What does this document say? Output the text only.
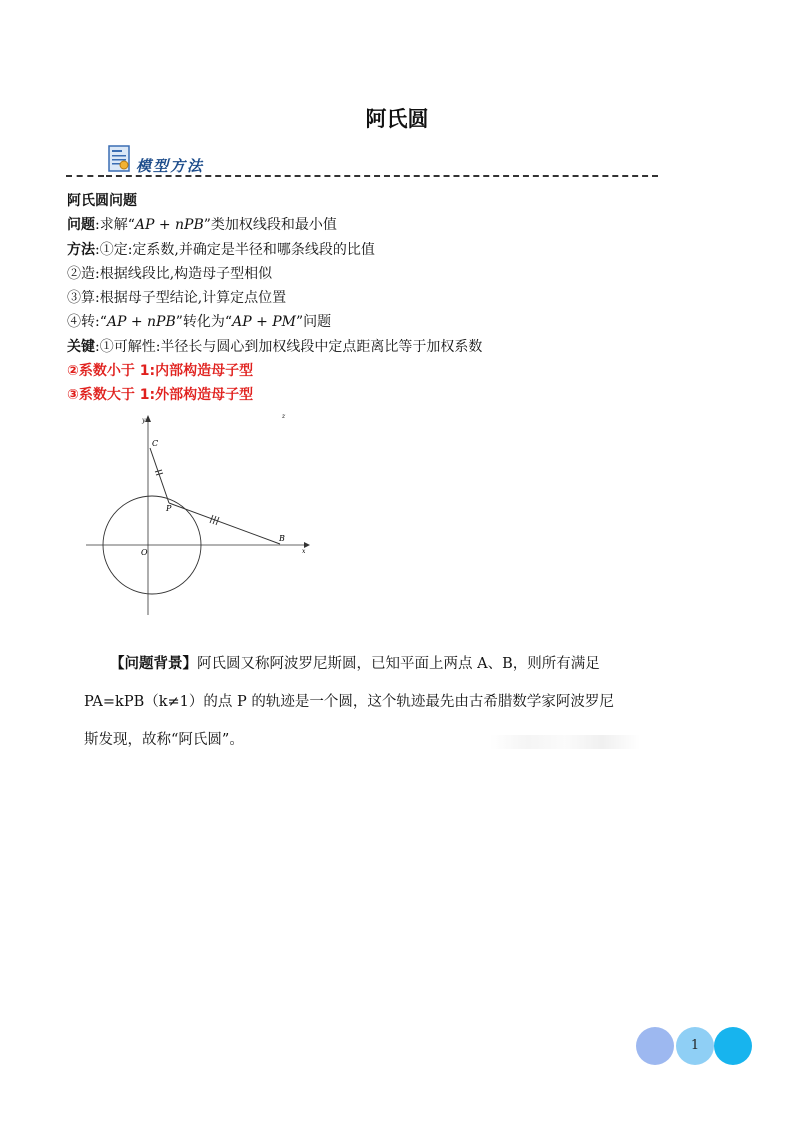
阿氏圆
模型方法
阿氏圆问题
问题:求解“AP + nPB”类加权线段和最小值
方法:①定:定系数,并确定是半径和哪条线段的比值
②造:根据线段比,构造母子型相似
③算:根据母子型结论,计算定点位置
④转:“AP + nPB”转化为“AP + PM”问题
关键:①可解性:半径长与圆心到加权线段中定点距离比等于加权系数
②系数小于 1:内部构造母子型
③系数大于 1:外部构造母子型
C
P
O
B
y
x
z
【问题背景】阿氏圆又称阿波罗尼斯圆，已知平面上两点 A、B，则所有满足
PA=kPB（k≠1）的点 P 的轨迹是一个圆，这个轨迹最先由古希腊数学家阿波罗尼
斯发现，故称“阿氏圆”。
1
